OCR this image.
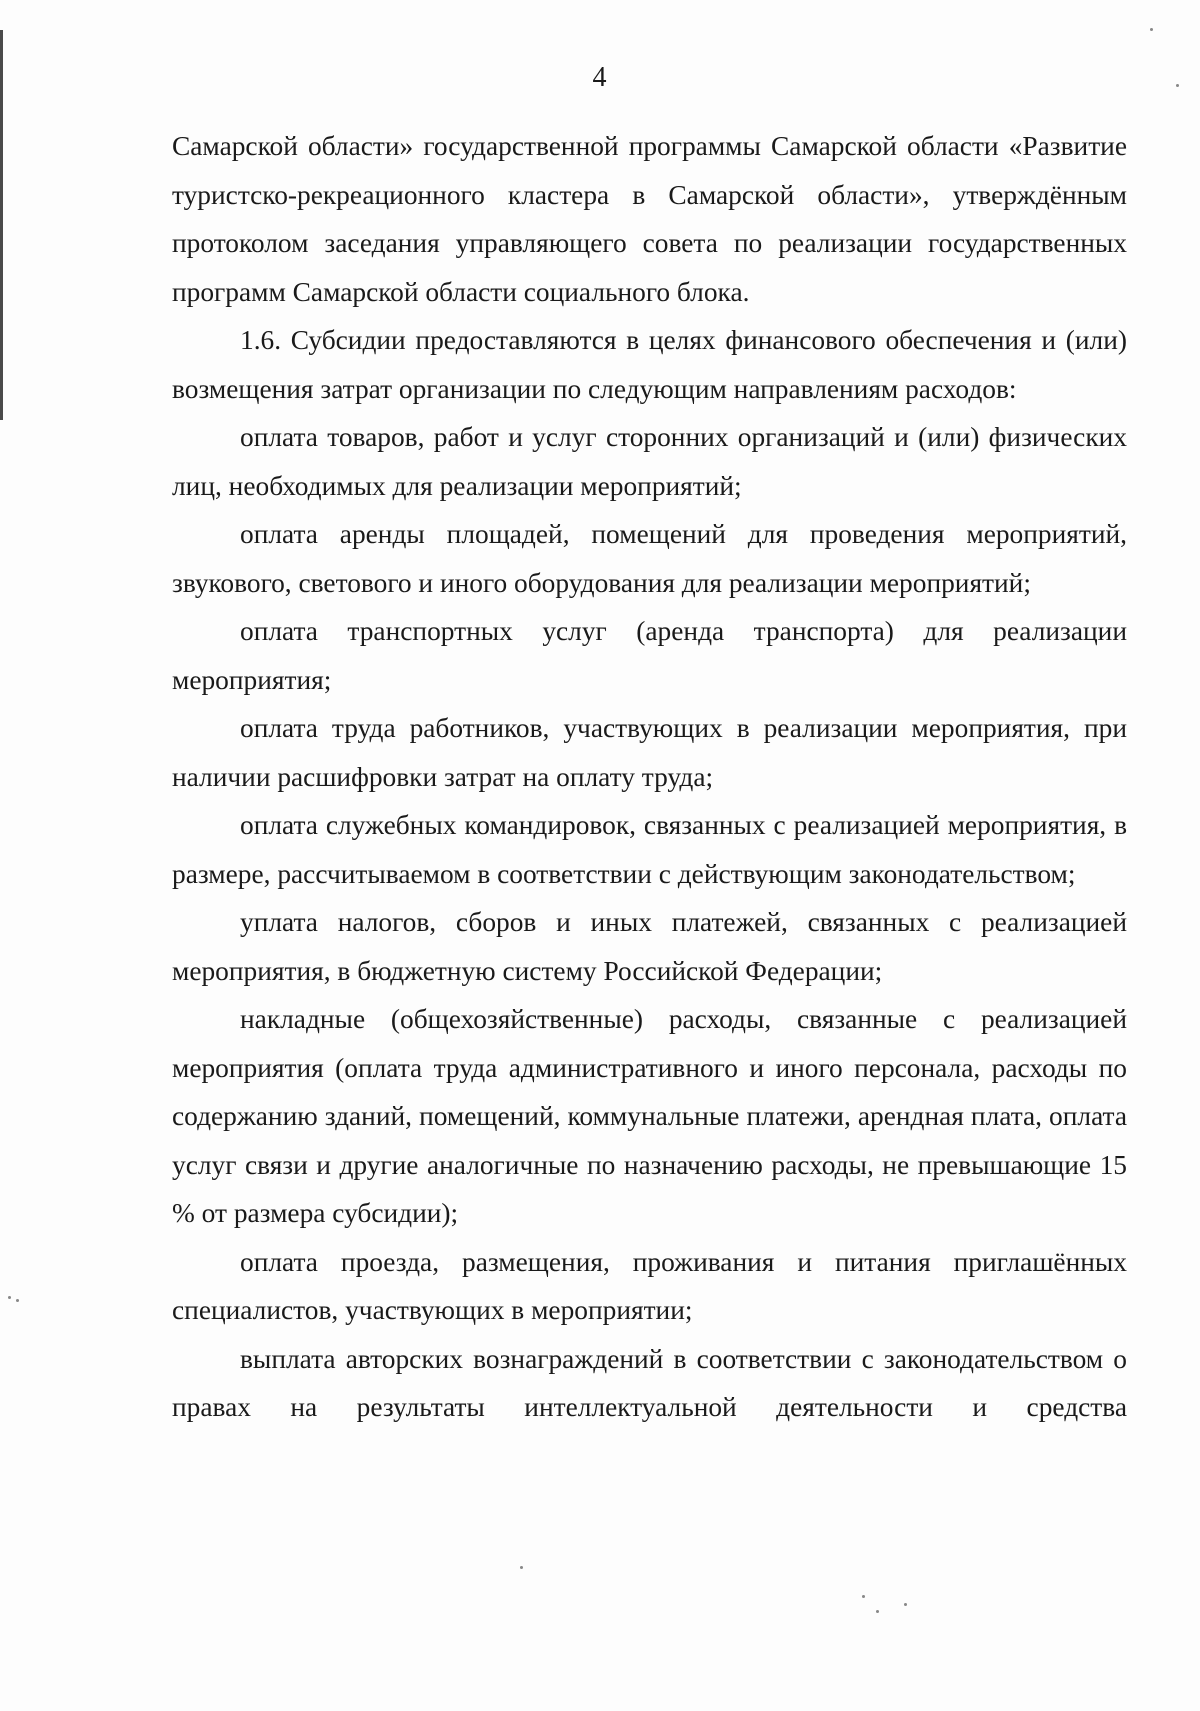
4

Самарской области» государственной программы Самарской области «Развитие туристско-рекреационного кластера в Самарской области», утверждённым протоколом заседания управляющего совета по реализации государственных программ Самарской области социального блока.

1.6. Субсидии предоставляются в целях финансового обеспечения и (или) возмещения затрат организации по следующим направлениям расходов:

оплата товаров, работ и услуг сторонних организаций и (или) физических лиц, необходимых для реализации мероприятий;

оплата аренды площадей, помещений для проведения мероприятий, звукового, светового и иного оборудования для реализации мероприятий;

оплата транспортных услуг (аренда транспорта) для реализации мероприятия;

оплата труда работников, участвующих в реализации мероприятия, при наличии расшифровки затрат на оплату труда;

оплата служебных командировок, связанных с реализацией мероприятия, в размере, рассчитываемом в соответствии с действующим законодательством;

уплата налогов, сборов и иных платежей, связанных с реализацией мероприятия, в бюджетную систему Российской Федерации;

накладные (общехозяйственные) расходы, связанные с реализацией мероприятия (оплата труда административного и иного персонала, расходы по содержанию зданий, помещений, коммунальные платежи, арендная плата, оплата услуг связи и другие аналогичные по назначению расходы, не превышающие 15 % от размера субсидии);

оплата проезда, размещения, проживания и питания приглашённых специалистов, участвующих в мероприятии;

выплата авторских вознаграждений в соответствии с законодательством о правах на результаты интеллектуальной деятельности и средства
